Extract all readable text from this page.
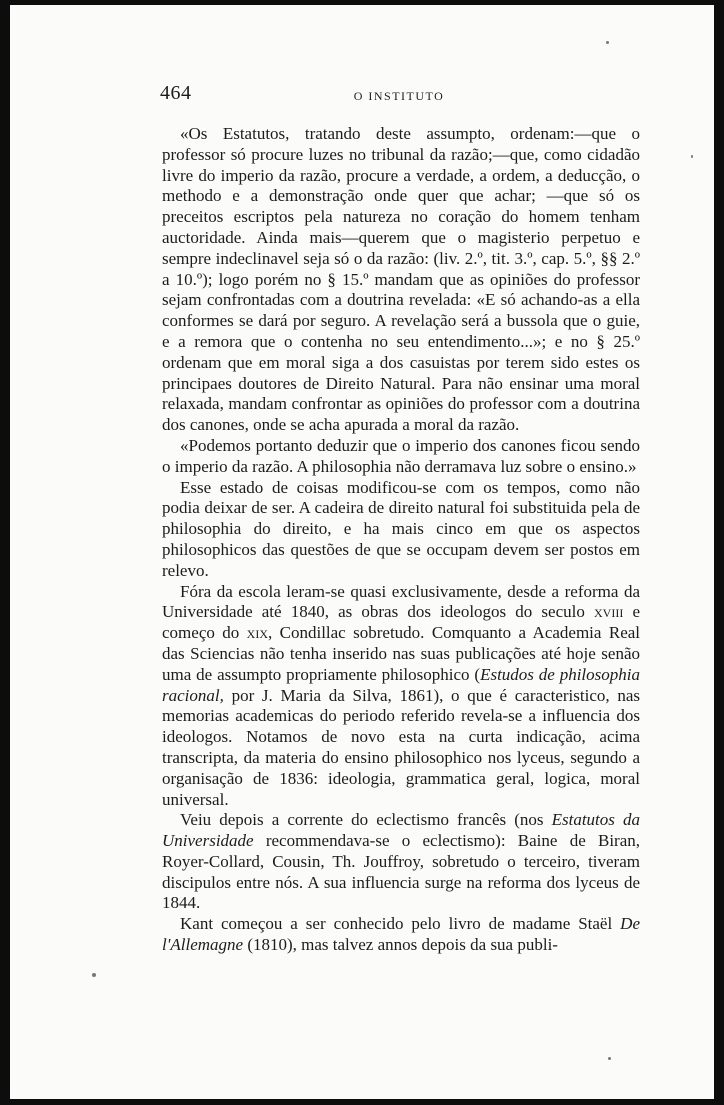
464	O INSTITUTO

«Os Estatutos, tratando deste assumpto, ordenam:—que o professor só procure luzes no tribunal da razão;—que, como cidadão livre do imperio da razão, procure a verdade, a ordem, a deducção, o methodo e a demonstração onde quer que achar; —que só os preceitos escriptos pela natureza no coração do homem tenham auctoridade. Ainda mais—querem que o magisterio perpetuo e sempre indeclinavel seja só o da razão: (liv. 2.º, tit. 3.º, cap. 5.º, §§ 2.º a 10.º); logo porém no § 15.º mandam que as opiniões do professor sejam confrontadas com a doutrina revelada: «E só achando-as a ella conformes se dará por seguro. A revelação será a bussola que o guie, e a remora que o contenha no seu entendimento...»; e no § 25.º ordenam que em moral siga a dos casuistas por terem sido estes os principaes doutores de Direito Natural. Para não ensinar uma moral relaxada, mandam confrontar as opiniões do professor com a doutrina dos canones, onde se acha apurada a moral da razão.

«Podemos portanto deduzir que o imperio dos canones ficou sendo o imperio da razão. A philosophia não derramava luz sobre o ensino.»

Esse estado de coisas modificou-se com os tempos, como não podia deixar de ser. A cadeira de direito natural foi substituida pela de philosophia do direito, e ha mais cinco em que os aspectos philosophicos das questões de que se occupam devem ser postos em relevo.

Fóra da escola leram-se quasi exclusivamente, desde a reforma da Universidade até 1840, as obras dos ideologos do seculo xviii e começo do xix, Condillac sobretudo. Comquanto a Academia Real das Sciencias não tenha inserido nas suas publicações até hoje senão uma de assumpto propriamente philosophico (Estudos de philosophia racional, por J. Maria da Silva, 1861), o que é caracteristico, nas memorias academicas do periodo referido revela-se a influencia dos ideologos. Notamos de novo esta na curta indicação, acima transcripta, da materia do ensino philosophico nos lyceus, segundo a organisação de 1836: ideologia, grammatica geral, logica, moral universal.

Veiu depois a corrente do eclectismo francês (nos Estatutos da Universidade recommendava-se o eclectismo): Baine de Biran, Royer-Collard, Cousin, Th. Jouffroy, sobretudo o terceiro, tiveram discipulos entre nós. A sua influencia surge na reforma dos lyceus de 1844.

Kant começou a ser conhecido pelo livro de madame Staël De l'Allemagne (1810), mas talvez annos depois da sua publi-
